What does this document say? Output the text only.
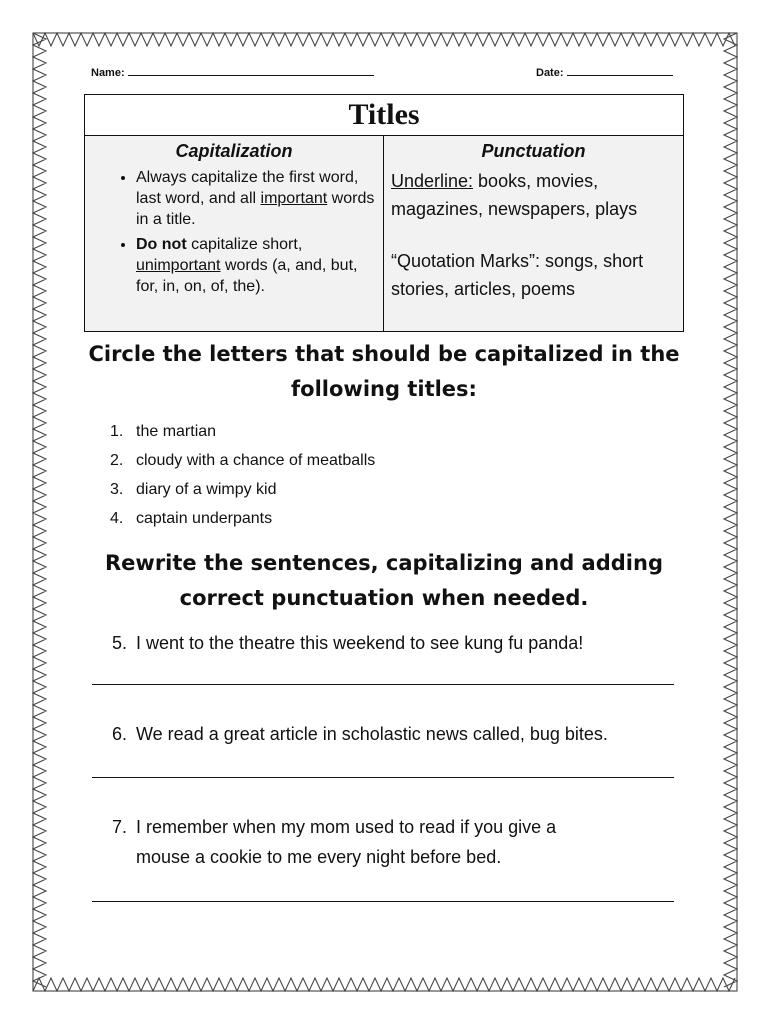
Name:	Date:
Titles
Capitalization
• Always capitalize the first word, last word, and all important words in a title.
• Do not capitalize short, unimportant words (a, and, but, for, in, on, of, the).
Punctuation
Underline: books, movies, magazines, newspapers, plays
“Quotation Marks”: songs, short stories, articles, poems
Circle the letters that should be capitalized in the following titles:
1. the martian
2. cloudy with a chance of meatballs
3. diary of a wimpy kid
4. captain underpants
Rewrite the sentences, capitalizing and adding correct punctuation when needed.
5. I went to the theatre this weekend to see kung fu panda!
6. We read a great article in scholastic news called, bug bites.
7. I remember when my mom used to read if you give a
mouse a cookie to me every night before bed.
